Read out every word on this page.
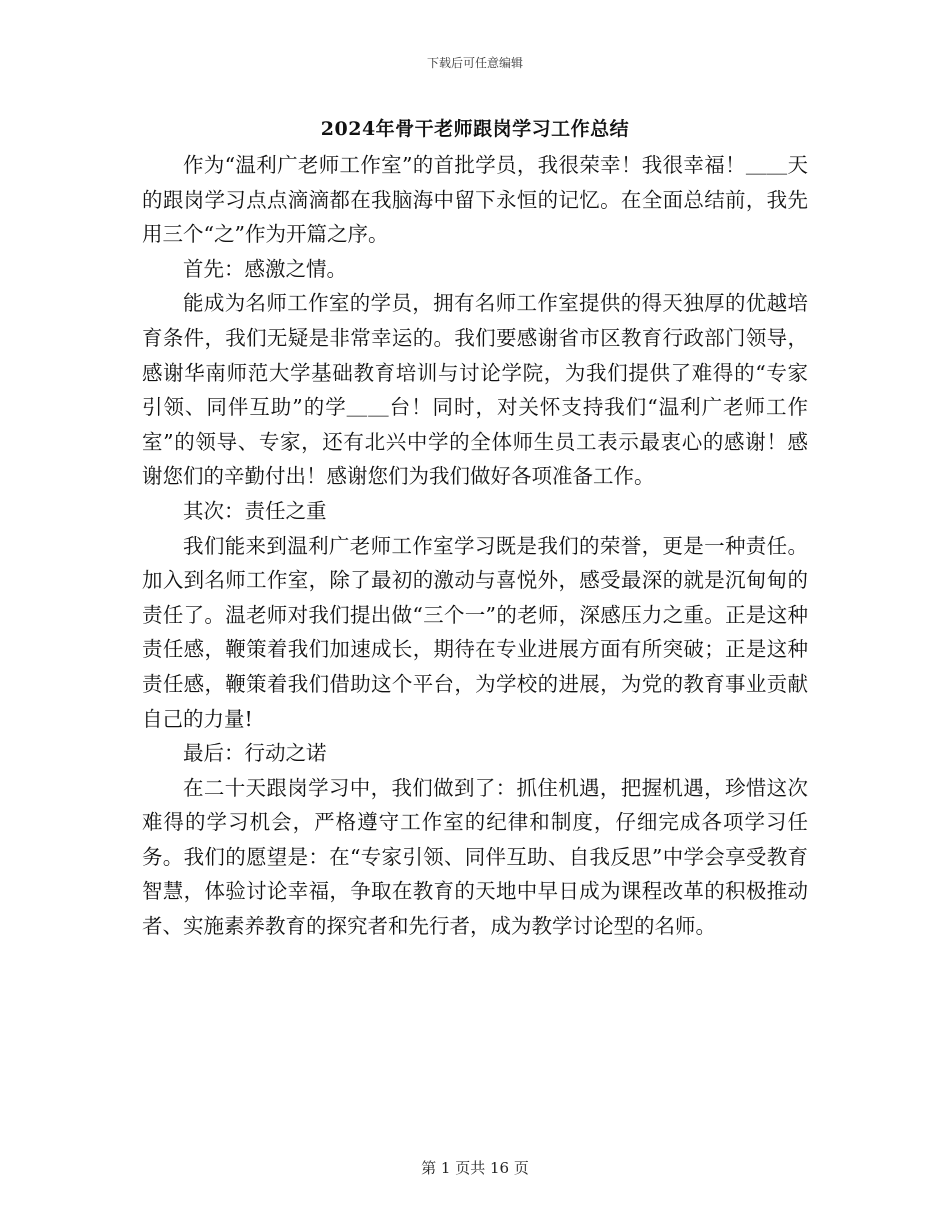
下载后可任意编辑
2024年骨干老师跟岗学习工作总结

作为“温利广老师工作室”的首批学员，我很荣幸！我很幸福！＿＿天的跟岗学习点点滴滴都在我脑海中留下永恒的记忆。在全面总结前，我先用三个“之”作为开篇之序。

首先：感激之情。

能成为名师工作室的学员，拥有名师工作室提供的得天独厚的优越培育条件，我们无疑是非常幸运的。我们要感谢省市区教育行政部门领导，感谢华南师范大学基础教育培训与讨论学院，为我们提供了难得的“专家引领、同伴互助”的学＿＿台！同时，对关怀支持我们“温利广老师工作室”的领导、专家，还有北兴中学的全体师生员工表示最衷心的感谢！感谢您们的辛勤付出！感谢您们为我们做好各项准备工作。

其次：责任之重

我们能来到温利广老师工作室学习既是我们的荣誉，更是一种责任。加入到名师工作室，除了最初的激动与喜悦外，感受最深的就是沉甸甸的责任了。温老师对我们提出做“三个一”的老师，深感压力之重。正是这种责任感，鞭策着我们加速成长，期待在专业进展方面有所突破；正是这种责任感，鞭策着我们借助这个平台，为学校的进展，为党的教育事业贡献自己的力量!

最后：行动之诺

在二十天跟岗学习中，我们做到了：抓住机遇，把握机遇，珍惜这次难得的学习机会，严格遵守工作室的纪律和制度，仔细完成各项学习任务。我们的愿望是：在“专家引领、同伴互助、自我反思”中学会享受教育智慧，体验讨论幸福，争取在教育的天地中早日成为课程改革的积极推动者、实施素养教育的探究者和先行者，成为教学讨论型的名师。

第 1 页共 16 页
